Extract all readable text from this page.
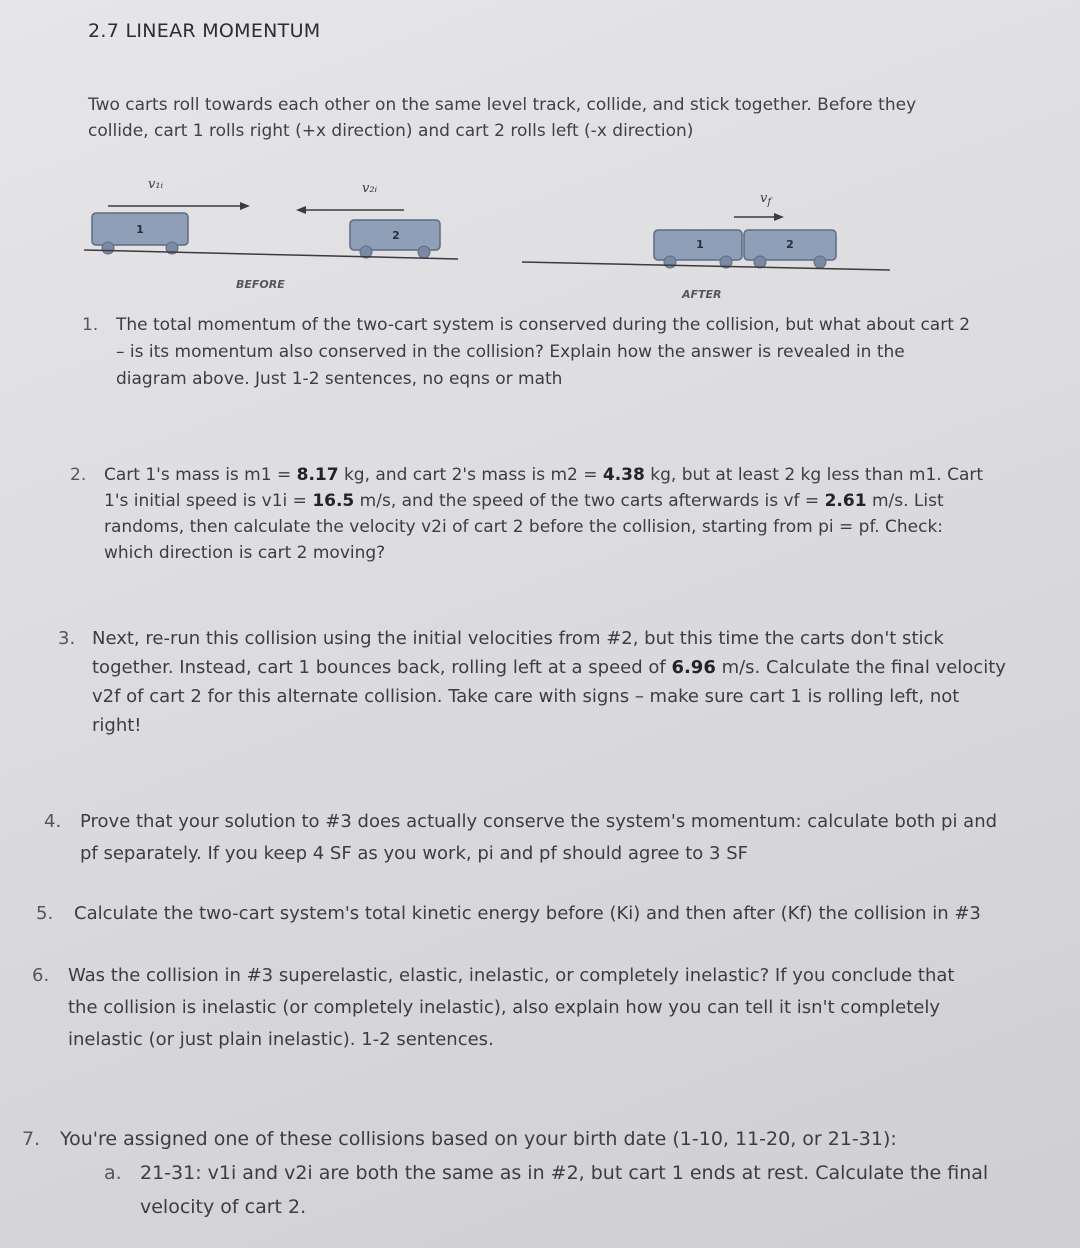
2.7 LINEAR MOMENTUM
Two carts roll towards each other on the same level track, collide, and stick together. Before they
collide, cart 1 rolls right (+x direction) and cart 2 rolls left (-x direction)
v₁ᵢ	v₂ᵢ
1	2
BEFORE
$v_f$
1	2
AFTER
1. The total momentum of the two-cart system is conserved during the collision, but what about cart 2
– is its momentum also conserved in the collision? Explain how the answer is revealed in the
diagram above. Just 1-2 sentences, no eqns or math
2. Cart 1's mass is m1 = 8.17 kg, and cart 2's mass is m2 = 4.38 kg, but at least 2 kg less than m1. Cart
1's initial speed is v1i = 16.5 m/s, and the speed of the two carts afterwards is vf = 2.61 m/s. List
randoms, then calculate the velocity v2i of cart 2 before the collision, starting from pi = pf. Check:
which direction is cart 2 moving?
3. Next, re-run this collision using the initial velocities from #2, but this time the carts don't stick
together. Instead, cart 1 bounces back, rolling left at a speed of 6.96 m/s. Calculate the final velocity
v2f of cart 2 for this alternate collision. Take care with signs – make sure cart 1 is rolling left, not
right!
4. Prove that your solution to #3 does actually conserve the system's momentum: calculate both pi and
pf separately. If you keep 4 SF as you work, pi and pf should agree to 3 SF
5. Calculate the two-cart system's total kinetic energy before (Ki) and then after (Kf) the collision in #3
6. Was the collision in #3 superelastic, elastic, inelastic, or completely inelastic? If you conclude that
the collision is inelastic (or completely inelastic), also explain how you can tell it isn't completely
inelastic (or just plain inelastic). 1-2 sentences.
7. You're assigned one of these collisions based on your birth date (1-10, 11-20, or 21-31):
a. 21-31: v1i and v2i are both the same as in #2, but cart 1 ends at rest. Calculate the final
velocity of cart 2.
